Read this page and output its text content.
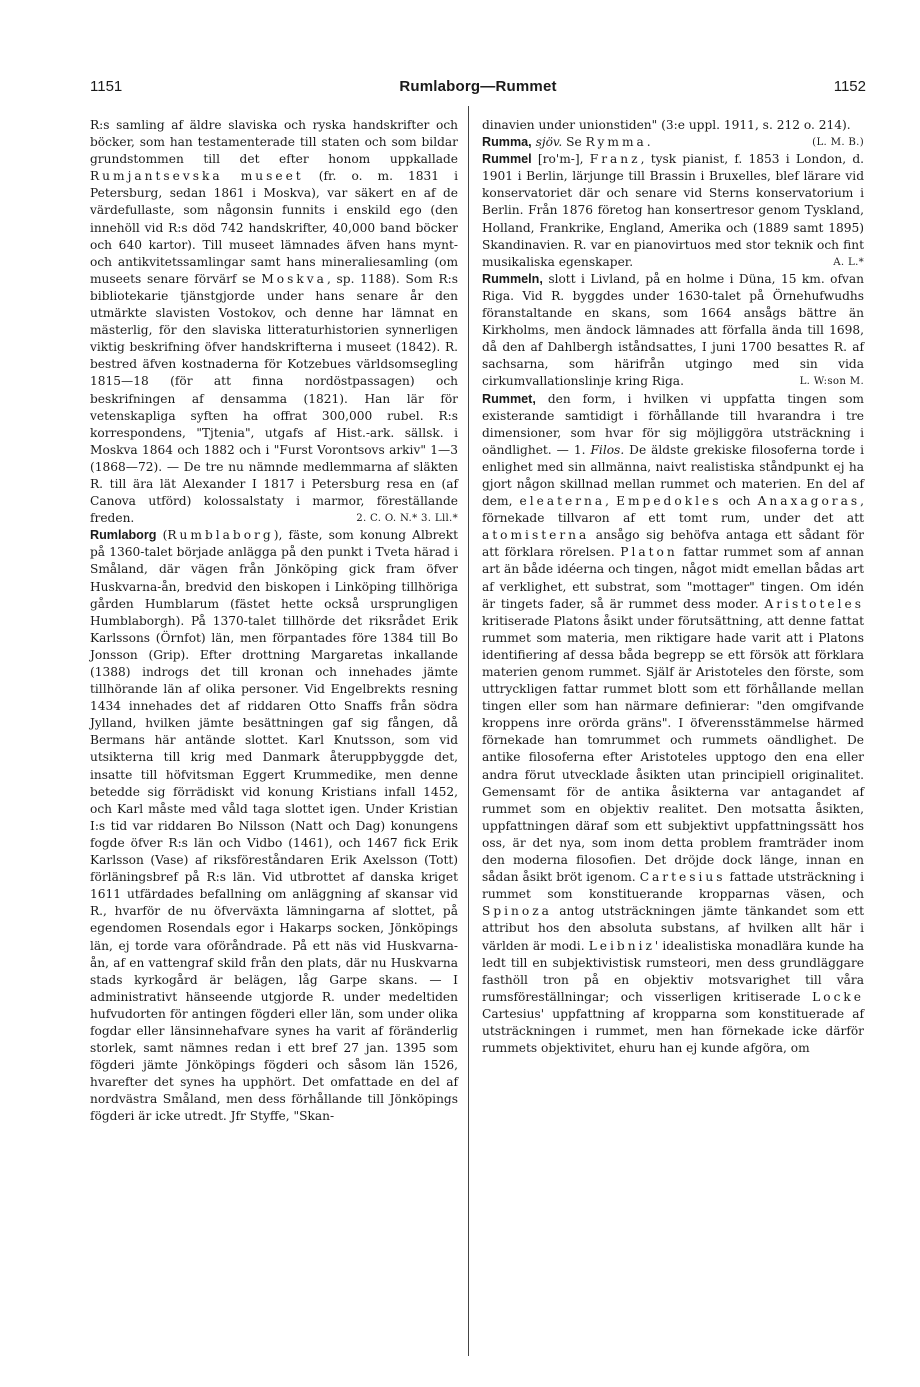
1151	Rumlaborg—Rummet	1152

R:s samling af äldre slaviska och ryska handskrifter och böcker, som han testamenterade till staten och som bildar grundstommen till det efter honom uppkallade Rumjantsevska museet (fr. o. m. 1831 i Petersburg, sedan 1861 i Moskva), var säkert en af de värdefullaste, som någonsin funnits i enskild ego (den innehöll vid R:s död 742 handskrifter, 40,000 band böcker och 640 kartor). Till museet lämnades äfven hans mynt- och antikvitetssamlingar samt hans mineraliesamling (om museets senare förvärf se Moskva, sp. 1188). Som R:s bibliotekarie tjänstgjorde under hans senare år den utmärkte slavisten Vostokov, och denne har lämnat en mästerlig, för den slaviska litteraturhistorien synnerligen viktig beskrifning öfver handskrifterna i museet (1842). R. bestred äfven kostnaderna för Kotzebues världsomsegling 1815—18 (för att finna nordöstpassagen) och beskrifningen af densamma (1821). Han lär för vetenskapliga syften ha offrat 300,000 rubel. R:s korrespondens, "Tjtenia", utgafs af Hist.-ark. sällsk. i Moskva 1864 och 1882 och i "Furst Vorontsovs arkiv" 1—3 (1868—72). — De tre nu nämnde medlemmarna af släkten R. till ära lät Alexander I 1817 i Petersburg resa en (af Canova utförd) kolossalstaty i marmor, föreställande freden.	2. C. O. N.* 3. Lll.*

Rumlaborg (Rumblaborg), fäste, som konung Albrekt på 1360-talet började anlägga på den punkt i Tveta härad i Småland, där vägen från Jönköping gick fram öfver Huskvarna-ån, bredvid den biskopen i Linköping tillhöriga gården Humblarum (fästet hette också ursprungligen Humblaborgh). På 1370-talet tillhörde det riksrådet Erik Karlssons (Örnfot) län, men förpantades före 1384 till Bo Jonsson (Grip). Efter drottning Margaretas inkallande (1388) indrogs det till kronan och innehades jämte tillhörande län af olika personer. Vid Engelbrekts resning 1434 innehades det af riddaren Otto Snaffs från södra Jylland, hvilken jämte besättningen gaf sig fången, då Bermans här antände slottet. Karl Knutsson, som vid utsikterna till krig med Danmark återuppbyggde det, insatte till höfvitsman Eggert Krummedike, men denne betedde sig förrädiskt vid konung Kristians infall 1452, och Karl måste med våld taga slottet igen. Under Kristian I:s tid var riddaren Bo Nilsson (Natt och Dag) konungens fogde öfver R:s län och Vidbo (1461), och 1467 fick Erik Karlsson (Vase) af riksföreståndaren Erik Axelsson (Tott) förläningsbref på R:s län. Vid utbrottet af danska kriget 1611 utfärdades befallning om anläggning af skansar vid R., hvarför de nu öfverväxta lämningarna af slottet, på egendomen Rosendals egor i Hakarps socken, Jönköpings län, ej torde vara oföråndrade. På ett näs vid Huskvarna-ån, af en vattengraf skild från den plats, där nu Huskvarna stads kyrkogård är belägen, låg Garpe skans. — I administrativt hänseende utgjorde R. under medeltiden hufvudorten för antingen fögderi eller län, som under olika fogdar eller länsinnehafvare synes ha varit af föränderlig storlek, samt nämnes redan i ett bref 27 jan. 1395 som fögderi jämte Jönköpings fögderi och såsom län 1526, hvarefter det synes ha upphört. Det omfattade en del af nordvästra Småland, men dess förhållande till Jönköpings fögderi är icke utredt. Jfr Styffe, "Skan-

dinavien under unionstiden" (3:e uppl. 1911, s. 212 o. 214).
(L. M. B.)

Rumma, sjöv. Se Rymma.

Rummel [ro'm-], Franz, tysk pianist, f. 1853 i London, d. 1901 i Berlin, lärjunge till Brassin i Bruxelles, blef lärare vid konservatoriet där och senare vid Sterns konservatorium i Berlin. Från 1876 företog han konsertresor genom Tyskland, Holland, Frankrike, England, Amerika och (1889 samt 1895) Skandinavien. R. var en pianovirtuos med stor teknik och fint musikaliska egenskaper.	A. L.*

Rummeln, slott i Livland, på en holme i Düna, 15 km. ofvan Riga. Vid R. byggdes under 1630-talet på Örnehufwudhs föranstaltande en skans, som 1664 ansågs bättre än Kirkholms, men ändock lämnades att förfalla ända till 1698, då den af Dahlbergh iståndsattes, I juni 1700 besattes R. af sachsarna, som härifrån utgingo med sin vida cirkumvallationslinje kring Riga.	L. W:son M.

Rummet, den form, i hvilken vi uppfatta tingen som existerande samtidigt i förhållande till hvarandra i tre dimensioner, som hvar för sig möjliggöra utsträckning i oändlighet. — 1. Filos. De äldste grekiske filosoferna torde i enlighet med sin allmänna, naivt realistiska ståndpunkt ej ha gjort någon skillnad mellan rummet och materien. En del af dem, eleaterna, Empedokles och Anaxagoras, förnekade tillvaron af ett tomt rum, under det att atomisterna ansågo sig behöfva antaga ett sådant för att förklara rörelsen. Platon fattar rummet som af annan art än både idéerna och tingen, något midt emellan bådas art af verklighet, ett substrat, som "mottager" tingen. Om idén är tingets fader, så är rummet dess moder. Aristoteles kritiserade Platons åsikt under förutsättning, att denne fattat rummet som materia, men riktigare hade varit att i Platons identifiering af dessa båda begrepp se ett försök att förklara materien genom rummet. Själf är Aristoteles den förste, som uttryckligen fattar rummet blott som ett förhållande mellan tingen eller som han närmare definierar: "den omgifvande kroppens inre orörda gräns". I öfverensstämmelse härmed förnekade han tomrummet och rummets oändlighet. De antike filosoferna efter Aristoteles upptogo den ena eller andra förut utvecklade åsikten utan principiell originalitet. Gemensamt för de antika åsikterna var antagandet af rummet som en objektiv realitet. Den motsatta åsikten, uppfattningen däraf som ett subjektivt uppfattningssätt hos oss, är det nya, som inom detta problem framträder inom den moderna filosofien. Det dröjde dock länge, innan en sådan åsikt bröt igenom. Cartesius fattade utsträckning i rummet som konstituerande kropparnas väsen, och Spinoza antog utsträckningen jämte tänkandet som ett attribut hos den absoluta substans, af hvilken allt här i världen är modi. Leibniz' idealistiska monadlära kunde ha ledt till en subjektivistisk rumsteori, men dess grundläggare fasthöll tron på en objektiv motsvarighet till våra rumsföreställningar; och visserligen kritiserade Locke Cartesius' uppfattning af kropparna som konstituerade af utsträckningen i rummet, men han förnekade icke därför rummets objektivitet, ehuru han ej kunde afgöra, om
